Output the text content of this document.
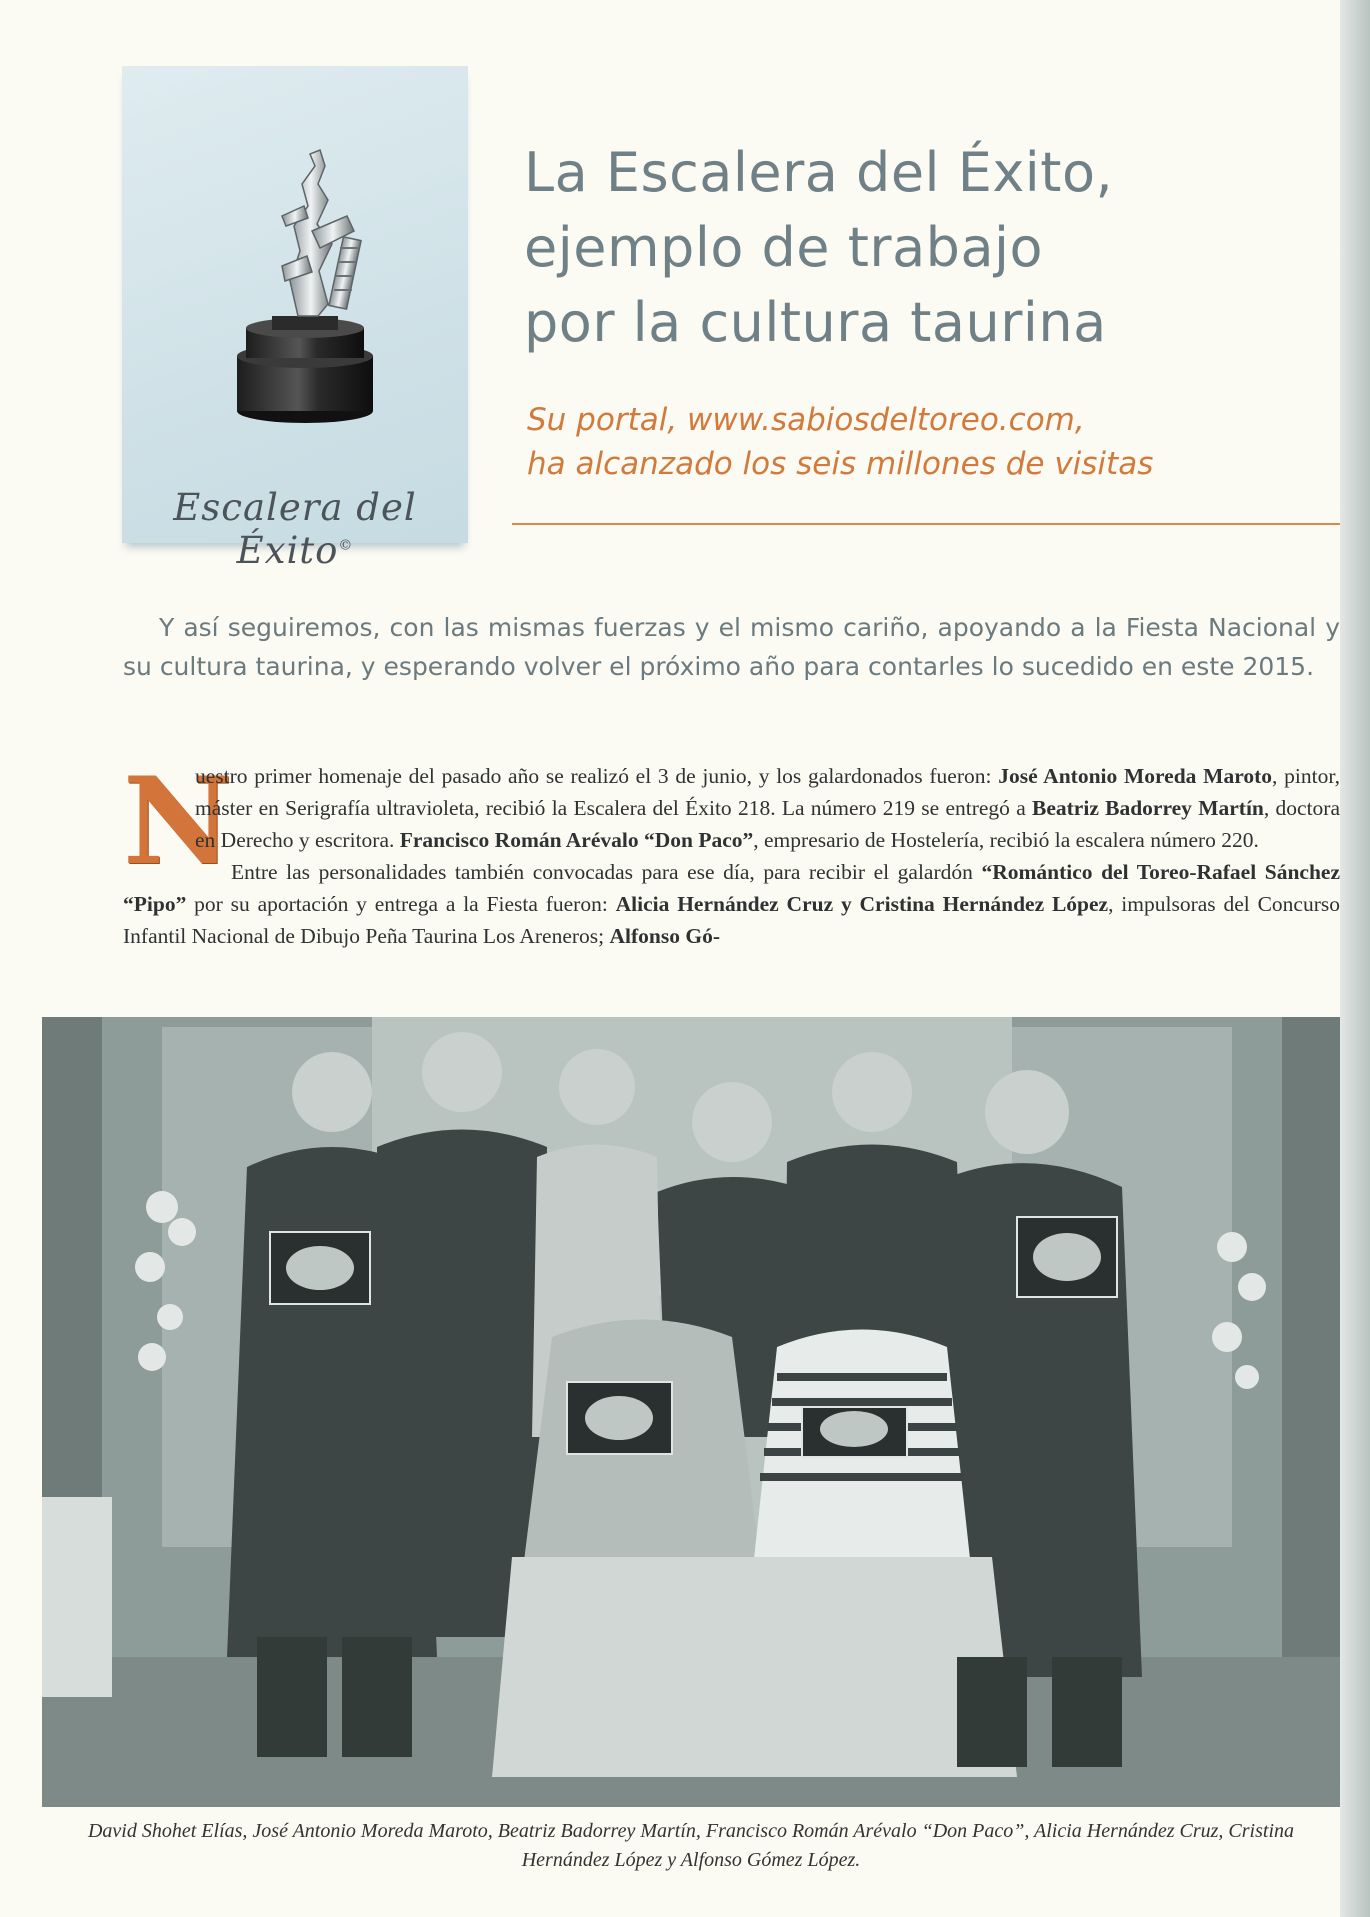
Escalera del Éxito©
La Escalera del Éxito,
ejemplo de trabajo
por la cultura taurina

Su portal, www.sabiosdeltoreo.com,
ha alcanzado los seis millones de visitas

Y así seguiremos, con las mismas fuerzas y el mismo cariño, apoyando a la Fiesta Nacional y su cultura taurina, y esperando volver el próximo año para contarles lo sucedido en este 2015.

N
uestro primer homenaje del pasado año se realizó el 3 de junio, y los galardonados fueron: José Antonio Moreda Maroto, pintor, máster en Serigrafía ultravioleta, recibió la Escalera del Éxito 218. La número 219 se entregó a Beatriz Badorrey Martín, doctora en Derecho y escritora. Francisco Román Arévalo “Don Paco”, empresario de Hostelería, recibió la escalera número 220.

Entre las personalidades también convocadas para ese día, para recibir el galardón “Romántico del Toreo-Rafael Sánchez “Pipo” por su aportación y entrega a la Fiesta fueron: Alicia Hernández Cruz y Cristina Hernández López, impulsoras del Concurso Infantil Nacional de Dibujo Peña Taurina Los Areneros; Alfonso Gó-

David Shohet Elías, José Antonio Moreda Maroto, Beatriz Badorrey Martín, Francisco Román Arévalo “Don Paco”, Alicia Hernández Cruz, Cristina Hernández López y Alfonso Gómez López.
